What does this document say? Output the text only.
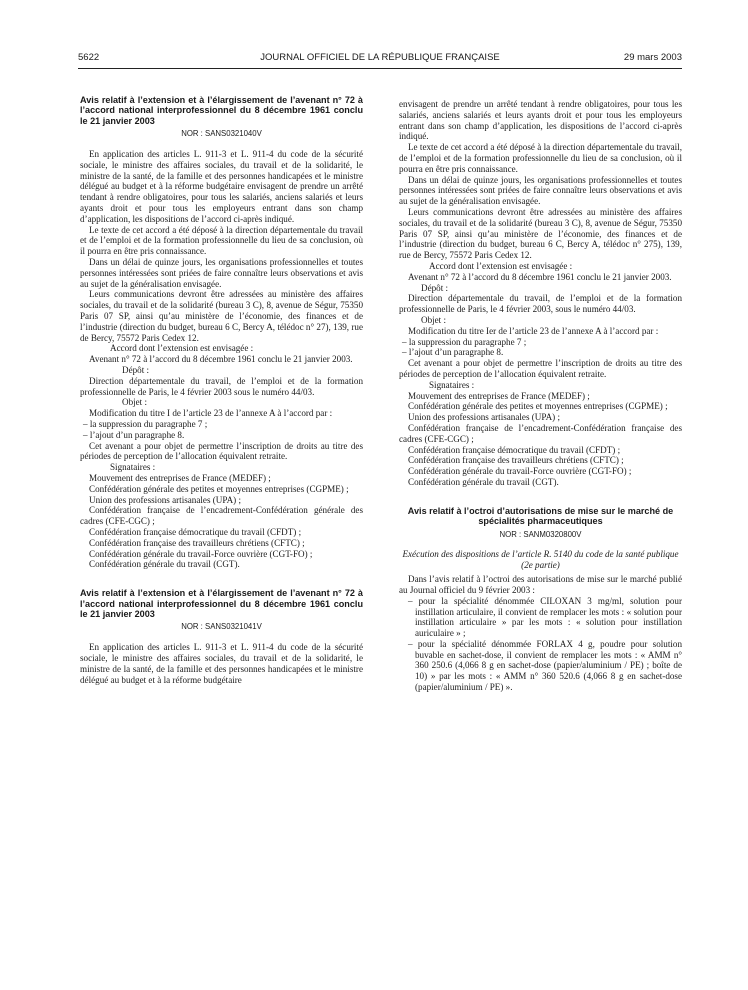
5622	JOURNAL OFFICIEL DE LA RÉPUBLIQUE FRANÇAISE	29 mars 2003

Avis relatif à l’extension et à l’élargissement de l’avenant n° 72 à l’accord national interprofessionnel du 8 décembre 1961 conclu le 21 janvier 2003

NOR : SANS0321040V

En application des articles L. 911-3 et L. 911-4 du code de la sécurité sociale, le ministre des affaires sociales, du travail et de la solidarité, le ministre de la santé, de la famille et des personnes handicapées et le ministre délégué au budget et à la réforme budgétaire envisagent de prendre un arrêté tendant à rendre obligatoires, pour tous les salariés, anciens salariés et leurs ayants droit et pour tous les employeurs entrant dans son champ d’application, les dispositions de l’accord ci-après indiqué.

Le texte de cet accord a été déposé à la direction départementale du travail et de l’emploi et de la formation professionnelle du lieu de sa conclusion, où il pourra en être pris connaissance.

Dans un délai de quinze jours, les organisations professionnelles et toutes personnes intéressées sont priées de faire connaître leurs observations et avis au sujet de la généralisation envisagée.

Leurs communications devront être adressées au ministère des affaires sociales, du travail et de la solidarité (bureau 3 C), 8, avenue de Ségur, 75350 Paris 07 SP, ainsi qu’au ministère de l’économie, des finances et de l’industrie (direction du budget, bureau 6 C, Bercy A, télédoc n° 27), 139, rue de Bercy, 75572 Paris Cedex 12.

Accord dont l’extension est envisagée :

Avenant n° 72 à l’accord du 8 décembre 1961 conclu le 21 janvier 2003.

Dépôt :

Direction départementale du travail, de l’emploi et de la formation professionnelle de Paris, le 4 février 2003 sous le numéro 44/03.

Objet :

Modification du titre I de l’article 23 de l’annexe A à l’accord par :

– la suppression du paragraphe 7 ;

– l’ajout d’un paragraphe 8.

Cet avenant a pour objet de permettre l’inscription de droits au titre des périodes de perception de l’allocation équivalent retraite.

Signataires :

Mouvement des entreprises de France (MEDEF) ;

Confédération générale des petites et moyennes entreprises (CGPME) ;

Union des professions artisanales (UPA) ;

Confédération française de l’encadrement-Confédération générale des cadres (CFE-CGC) ;

Confédération française démocratique du travail (CFDT) ;

Confédération française des travailleurs chrétiens (CFTC) ;

Confédération générale du travail-Force ouvrière (CGT-FO) ;

Confédération générale du travail (CGT).

Avis relatif à l’extension et à l’élargissement de l’avenant n° 72 à l’accord national interprofessionnel du 8 décembre 1961 conclu le 21 janvier 2003

NOR : SANS0321041V

En application des articles L. 911-3 et L. 911-4 du code de la sécurité sociale, le ministre des affaires sociales, du travail et de la solidarité, le ministre de la santé, de la famille et des personnes handicapées et le ministre délégué au budget et à la réforme budgétaire

envisagent de prendre un arrêté tendant à rendre obligatoires, pour tous les salariés, anciens salariés et leurs ayants droit et pour tous les employeurs entrant dans son champ d’application, les dispositions de l’accord ci-après indiqué.

Le texte de cet accord a été déposé à la direction départementale du travail, de l’emploi et de la formation professionnelle du lieu de sa conclusion, où il pourra en être pris connaissance.

Dans un délai de quinze jours, les organisations professionnelles et toutes personnes intéressées sont priées de faire connaître leurs observations et avis au sujet de la généralisation envisagée.

Leurs communications devront être adressées au ministère des affaires sociales, du travail et de la solidarité (bureau 3 C), 8, avenue de Ségur, 75350 Paris 07 SP, ainsi qu’au ministère de l’économie, des finances et de l’industrie (direction du budget, bureau 6 C, Bercy A, télédoc n° 275), 139, rue de Bercy, 75572 Paris Cedex 12.

Accord dont l’extension est envisagée :

Avenant n° 72 à l’accord du 8 décembre 1961 conclu le 21 janvier 2003.

Dépôt :

Direction départementale du travail, de l’emploi et de la formation professionnelle de Paris, le 4 février 2003, sous le numéro 44/03.

Objet :

Modification du titre Ier de l’article 23 de l’annexe A à l’accord par :

– la suppression du paragraphe 7 ;

– l’ajout d’un paragraphe 8.

Cet avenant a pour objet de permettre l’inscription de droits au titre des périodes de perception de l’allocation équivalent retraite.

Signataires :

Mouvement des entreprises de France (MEDEF) ;

Confédération générale des petites et moyennes entreprises (CGPME) ;

Union des professions artisanales (UPA) ;

Confédération française de l’encadrement-Confédération française des cadres (CFE-CGC) ;

Confédération française démocratique du travail (CFDT) ;

Confédération française des travailleurs chrétiens (CFTC) ;

Confédération générale du travail-Force ouvrière (CGT-FO) ;

Confédération générale du travail (CGT).

Avis relatif à l’octroi d’autorisations de mise sur le marché de spécialités pharmaceutiques

NOR : SANM0320800V

Exécution des dispositions de l’article R. 5140 du code de la santé publique (2e partie)

Dans l’avis relatif à l’octroi des autorisations de mise sur le marché publié au Journal officiel du 9 février 2003 :

– pour la spécialité dénommée CILOXAN 3 mg/ml, solution pour instillation articulaire, il convient de remplacer les mots : « solution pour instillation articulaire » par les mots : « solution pour instillation auriculaire » ;

– pour la spécialité dénommée FORLAX 4 g, poudre pour solution buvable en sachet-dose, il convient de remplacer les mots : « AMM n° 360 250.6 (4,066 8 g en sachet-dose (papier/aluminium / PE) ; boîte de 10) » par les mots : « AMM n° 360 520.6 (4,066 8 g en sachet-dose (papier/aluminium / PE) ».
